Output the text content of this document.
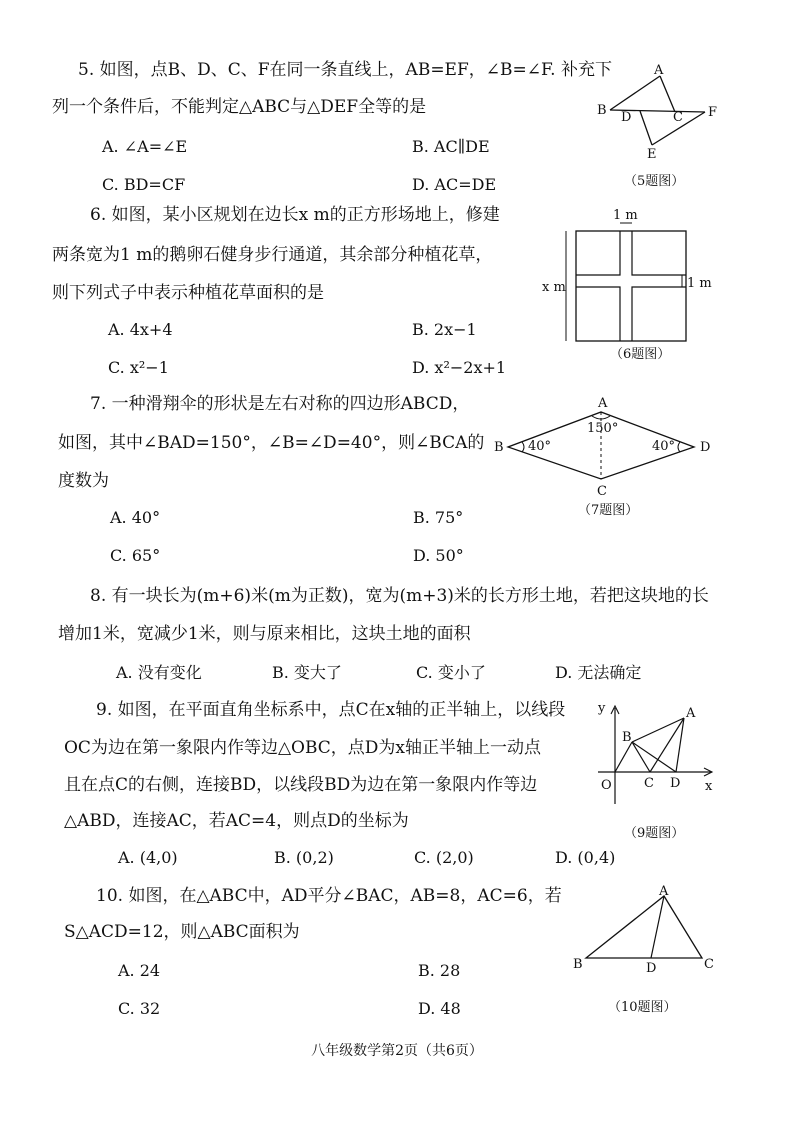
5. 如图，点B、D、C、F在同一条直线上，AB=EF，∠B=∠F. 补充下
列一个条件后，不能判定△ABC与△DEF全等的是
A. ∠A=∠E	B. AC∥DE
C. BD=CF	D. AC=DE
A
B D	C F
E
（5题图）
6. 如图，某小区规划在边长x m的正方形场地上，修建
两条宽为1 m的鹅卵石健身步行通道，其余部分种植花草，
则下列式子中表示种植花草面积的是
A. 4x+4	B. 2x−1
C. x²−1	D. x²−2x+1
1 m
1 m
x m
（6题图）
7. 一种滑翔伞的形状是左右对称的四边形ABCD，
如图，其中∠BAD=150°，∠B=∠D=40°，则∠BCA的
度数为
A. 40°	B. 75°
C. 65°	D. 50°
A
B
C
D
150°
40°	40°
（7题图）
8. 有一块长为(m+6)米(m为正数)，宽为(m+3)米的长方形土地，若把这块地的长
增加1米，宽减少1米，则与原来相比，这块土地的面积
A. 没有变化	B. 变大了	C. 变小了	D. 无法确定
9. 如图，在平面直角坐标系中，点C在x轴的正半轴上，以线段
OC为边在第一象限内作等边△OBC，点D为x轴正半轴上一动点
且在点C的右侧，连接BD，以线段BD为边在第一象限内作等边
△ABD，连接AC，若AC=4，则点D的坐标为
A. (4,0)	B. (0,2)	C. (2,0)	D. (0,4)
y
x
O
A
B
C D
（9题图）
10. 如图，在△ABC中，AD平分∠BAC，AB=8，AC=6，若
S△ACD=12，则△ABC面积为
A. 24	B. 28
C. 32	D. 48
A
B	D	C
（10题图）
八年级数学第2页（共6页）
